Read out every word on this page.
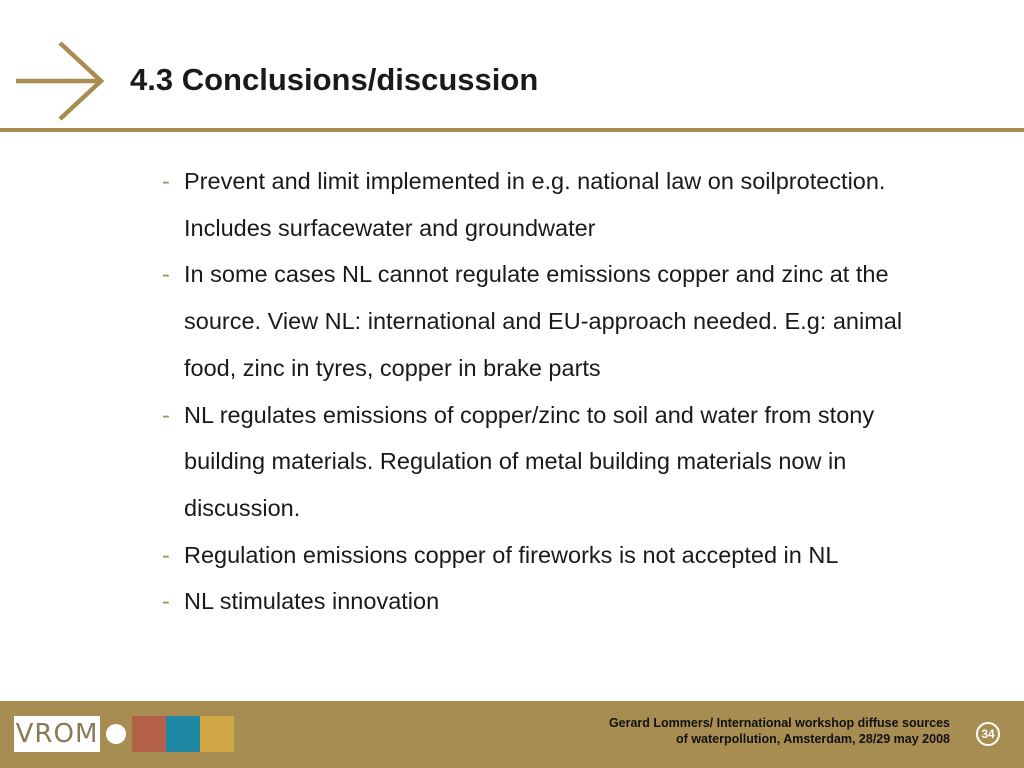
4.3 Conclusions/discussion
- Prevent and limit implemented in e.g. national law on soilprotection. Includes surfacewater and groundwater
- In some cases NL cannot regulate emissions copper and zinc at the source. View NL: international and EU-approach needed. E.g: animal food, zinc in tyres, copper in brake parts
- NL regulates emissions of copper/zinc to soil and water from stony building materials. Regulation of metal building materials now in discussion.
- Regulation emissions copper of fireworks is not accepted in NL
- NL stimulates innovation
VROM	Gerard Lommers/ International workshop diffuse sources
of waterpollution, Amsterdam, 28/29 may 2008	34
